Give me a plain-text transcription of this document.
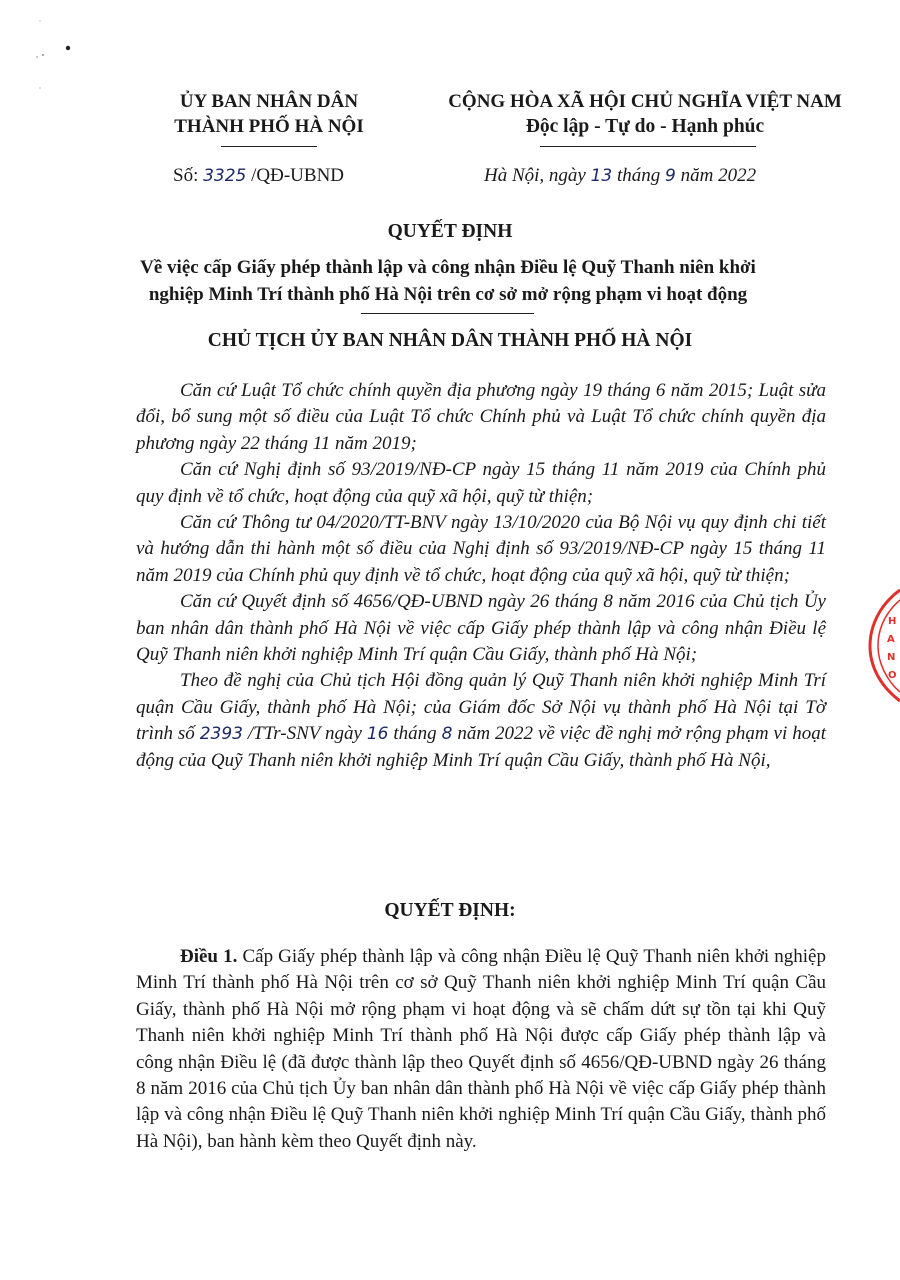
ỦY BAN NHÂN DÂN
THÀNH PHỐ HÀ NỘI
CỘNG HÒA XÃ HỘI CHỦ NGHĨA VIỆT NAM
Độc lập - Tự do - Hạnh phúc
Số: 3325 /QĐ-UBND	Hà Nội, ngày 13 tháng 9 năm 2022
QUYẾT ĐỊNH
Về việc cấp Giấy phép thành lập và công nhận Điều lệ Quỹ Thanh niên khởi
nghiệp Minh Trí thành phố Hà Nội trên cơ sở mở rộng phạm vi hoạt động
CHỦ TỊCH ỦY BAN NHÂN DÂN THÀNH PHỐ HÀ NỘI

Căn cứ Luật Tổ chức chính quyền địa phương ngày 19 tháng 6 năm 2015; Luật sửa đổi, bổ sung một số điều của Luật Tổ chức Chính phủ và Luật Tổ chức chính quyền địa phương ngày 22 tháng 11 năm 2019;

Căn cứ Nghị định số 93/2019/NĐ-CP ngày 15 tháng 11 năm 2019 của Chính phủ quy định về tổ chức, hoạt động của quỹ xã hội, quỹ từ thiện;

Căn cứ Thông tư 04/2020/TT-BNV ngày 13/10/2020 của Bộ Nội vụ quy định chi tiết và hướng dẫn thi hành một số điều của Nghị định số 93/2019/NĐ-CP ngày 15 tháng 11 năm 2019 của Chính phủ quy định về tổ chức, hoạt động của quỹ xã hội, quỹ từ thiện;

Căn cứ Quyết định số 4656/QĐ-UBND ngày 26 tháng 8 năm 2016 của Chủ tịch Ủy ban nhân dân thành phố Hà Nội về việc cấp Giấy phép thành lập và công nhận Điều lệ Quỹ Thanh niên khởi nghiệp Minh Trí quận Cầu Giấy, thành phố Hà Nội;

Theo đề nghị của Chủ tịch Hội đồng quản lý Quỹ Thanh niên khởi nghiệp Minh Trí quận Cầu Giấy, thành phố Hà Nội; của Giám đốc Sở Nội vụ thành phố Hà Nội tại Tờ trình số 2393 /TTr-SNV ngày 16 tháng 8 năm 2022 về việc đề nghị mở rộng phạm vi hoạt động của Quỹ Thanh niên khởi nghiệp Minh Trí quận Cầu Giấy, thành phố Hà Nội,

QUYẾT ĐỊNH:

Điều 1. Cấp Giấy phép thành lập và công nhận Điều lệ Quỹ Thanh niên khởi nghiệp Minh Trí thành phố Hà Nội trên cơ sở Quỹ Thanh niên khởi nghiệp Minh Trí quận Cầu Giấy, thành phố Hà Nội mở rộng phạm vi hoạt động và sẽ chấm dứt sự tồn tại khi Quỹ Thanh niên khởi nghiệp Minh Trí thành phố Hà Nội được cấp Giấy phép thành lập và công nhận Điều lệ (đã được thành lập theo Quyết định số 4656/QĐ-UBND ngày 26 tháng 8 năm 2016 của Chủ tịch Ủy ban nhân dân thành phố Hà Nội về việc cấp Giấy phép thành lập và công nhận Điều lệ Quỹ Thanh niên khởi nghiệp Minh Trí quận Cầu Giấy, thành phố Hà Nội), ban hành kèm theo Quyết định này.

H
A
N
O
